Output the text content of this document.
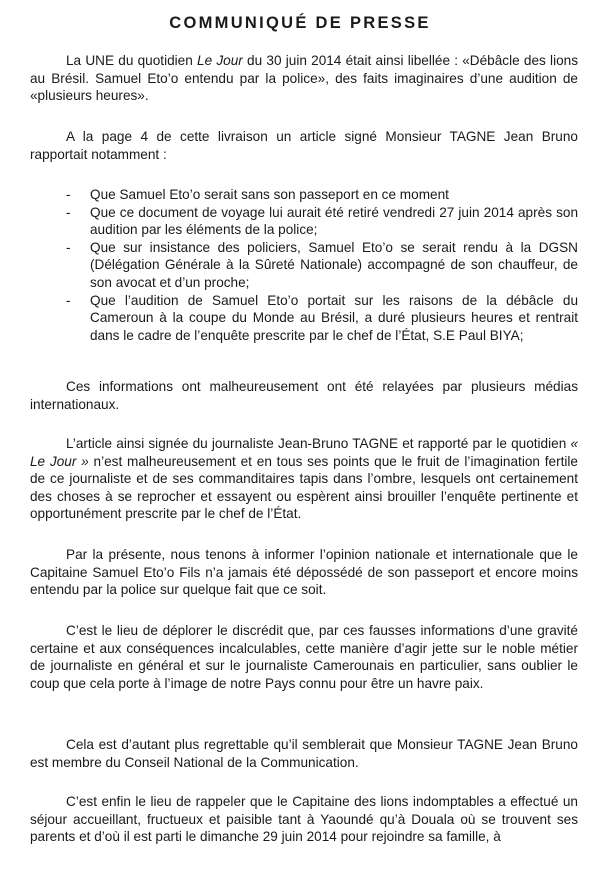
COMMUNIQUÉ DE PRESSE

La UNE du quotidien Le Jour du 30 juin 2014 était ainsi libellée : «Débâcle des lions au Brésil. Samuel Eto’o entendu par la police», des faits imaginaires d’une audition de «plusieurs heures».

A la page 4 de cette livraison un article signé Monsieur TAGNE Jean Bruno rapportait notamment :

- Que Samuel Eto’o serait sans son passeport en ce moment
- Que ce document de voyage lui aurait été retiré vendredi 27 juin 2014 après son audition par les éléments de la police;
- Que sur insistance des policiers, Samuel Eto’o se serait rendu à la DGSN (Délégation Générale à la Sûreté Nationale) accompagné de son chauffeur, de son avocat et d’un proche;
- Que l’audition de Samuel Eto’o portait sur les raisons de la débâcle du Cameroun à la coupe du Monde au Brésil, a duré plusieurs heures et rentrait dans le cadre de l’enquête prescrite par le chef de l’État, S.E Paul BIYA;

Ces informations ont malheureusement ont été relayées par plusieurs médias internationaux.

L’article ainsi signée du journaliste Jean-Bruno TAGNE et rapporté par le quotidien « Le Jour » n’est malheureusement et en tous ses points que le fruit de l’imagination fertile de ce journaliste et de ses commanditaires tapis dans l’ombre, lesquels ont certainement des choses à se reprocher et essayent ou espèrent ainsi brouiller l’enquête pertinente et opportunément prescrite par le chef de l’État.

Par la présente, nous tenons à informer l’opinion nationale et internationale que le Capitaine Samuel Eto’o Fils n’a jamais été dépossédé de son passeport et encore moins entendu par la police sur quelque fait que ce soit.

C’est le lieu de déplorer le discrédit que, par ces fausses informations d’une gravité certaine et aux conséquences incalculables, cette manière d’agir jette sur le noble métier de journaliste en général et sur le journaliste Camerounais en particulier, sans oublier le coup que cela porte à l’image de notre Pays connu pour être un havre paix.

Cela est d’autant plus regrettable qu’il semblerait que Monsieur TAGNE Jean Bruno est membre du Conseil National de la Communication.

C’est enfin le lieu de rappeler que le Capitaine des lions indomptables a effectué un séjour accueillant, fructueux et paisible tant à Yaoundé qu’à Douala où se trouvent ses parents et d’où il est parti le dimanche 29 juin 2014 pour rejoindre sa famille, à
